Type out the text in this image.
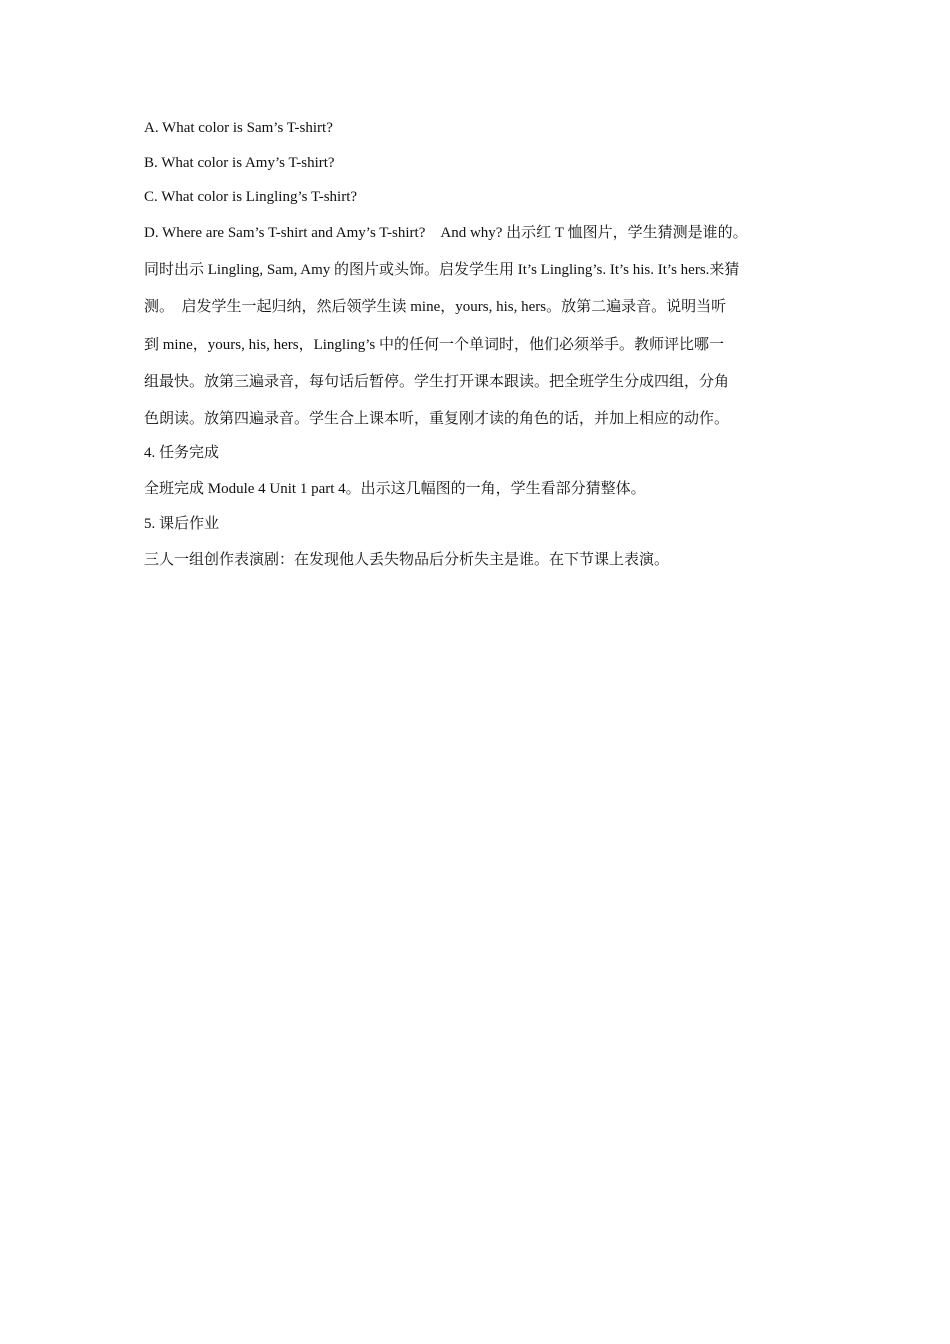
A. What color is Sam’s T-shirt?
B. What color is Amy’s T-shirt?
C. What color is Lingling’s T-shirt?
D. Where are Sam’s T-shirt and Amy’s T-shirt?　And why? 出示红 T 恤图片，学生猜测是谁的。
同时出示 Lingling, Sam, Amy 的图片或头饰。启发学生用 It’s Lingling’s. It’s his. It’s hers.来猜
测。　启发学生一起归纳，然后领学生读 mine，yours, his, hers。放第二遍录音。说明当听
到 mine，yours, his, hers，Lingling’s 中的任何一个单词时，他们必须举手。教师评比哪一
组最快。放第三遍录音，每句话后暂停。学生打开课本跟读。把全班学生分成四组，分角
色朗读。放第四遍录音。学生合上课本听，重复刚才读的角色的话，并加上相应的动作。
4. 任务完成
全班完成 Module 4 Unit 1 part 4。出示这几幅图的一角，学生看部分猜整体。
5. 课后作业
三人一组创作表演剧：在发现他人丢失物品后分析失主是谁。在下节课上表演。
